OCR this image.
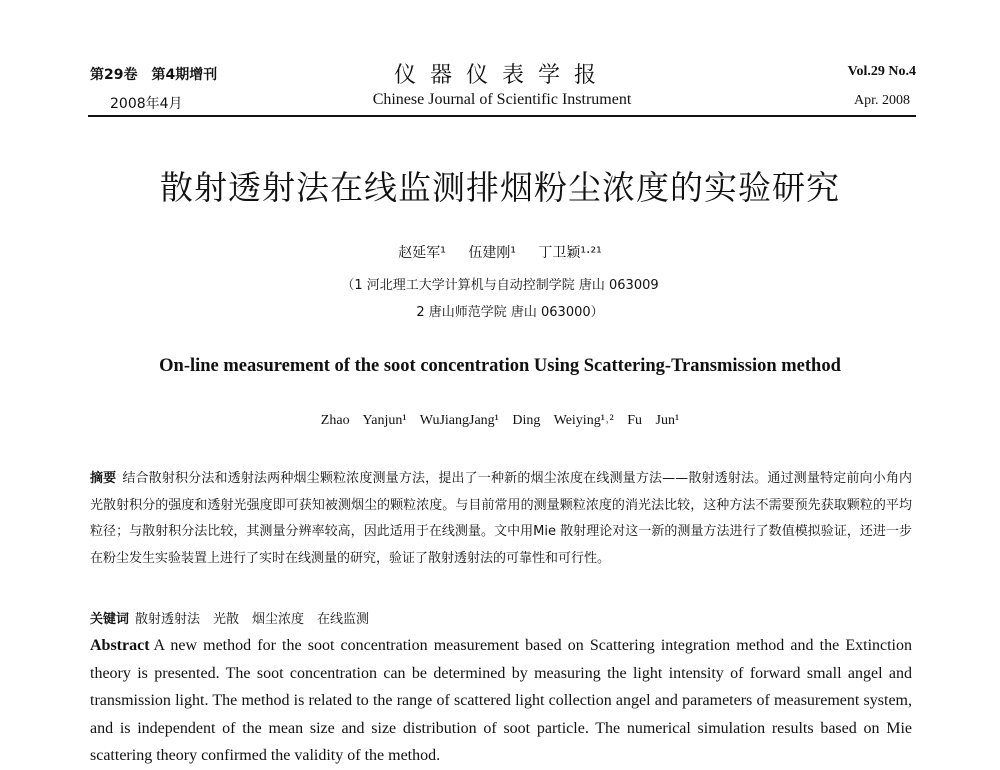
第29卷　第4期增刊
2008年4月
仪器仪表学报
Chinese Journal of Scientific Instrument
Vol.29 No.4
Apr. 2008
散射透射法在线监测排烟粉尘浓度的实验研究
赵延军¹ 伍建刚¹ 丁卫颖¹·²¹
（1 河北理工大学计算机与自动控制学院 唐山 063009
2 唐山师范学院 唐山 063000）
On-line measurement of the soot concentration Using Scattering-Transmission method
Zhao Yanjun¹ WuJiangJang¹ Ding Weiying¹˒² Fu Jun¹
摘要 结合散射积分法和透射法两种烟尘颗粒浓度测量方法，提出了一种新的烟尘浓度在线测量方法——散射透射法。通过测量特定前向小角内光散射积分的强度和透射光强度即可获知被测烟尘的颗粒浓度。与目前常用的测量颗粒浓度的消光法比较，这种方法不需要预先获取颗粒的平均粒径；与散射积分法比较，其测量分辨率较高，因此适用于在线测量。文中用Mie 散射理论对这一新的测量方法进行了数值模拟验证，还进一步在粉尘发生实验装置上进行了实时在线测量的研究，验证了散射透射法的可靠性和可行性。
关键词 散射透射法　光散　烟尘浓度　在线监测
Abstract A new method for the soot concentration measurement based on Scattering integration method and the Extinction theory is presented. The soot concentration can be determined by measuring the light intensity of forward small angel and transmission light. The method is related to the range of scattered light collection angel and parameters of measurement system, and is independent of the mean size and size distribution of soot particle. The numerical simulation results based on Mie scattering theory confirmed the validity of the method.
